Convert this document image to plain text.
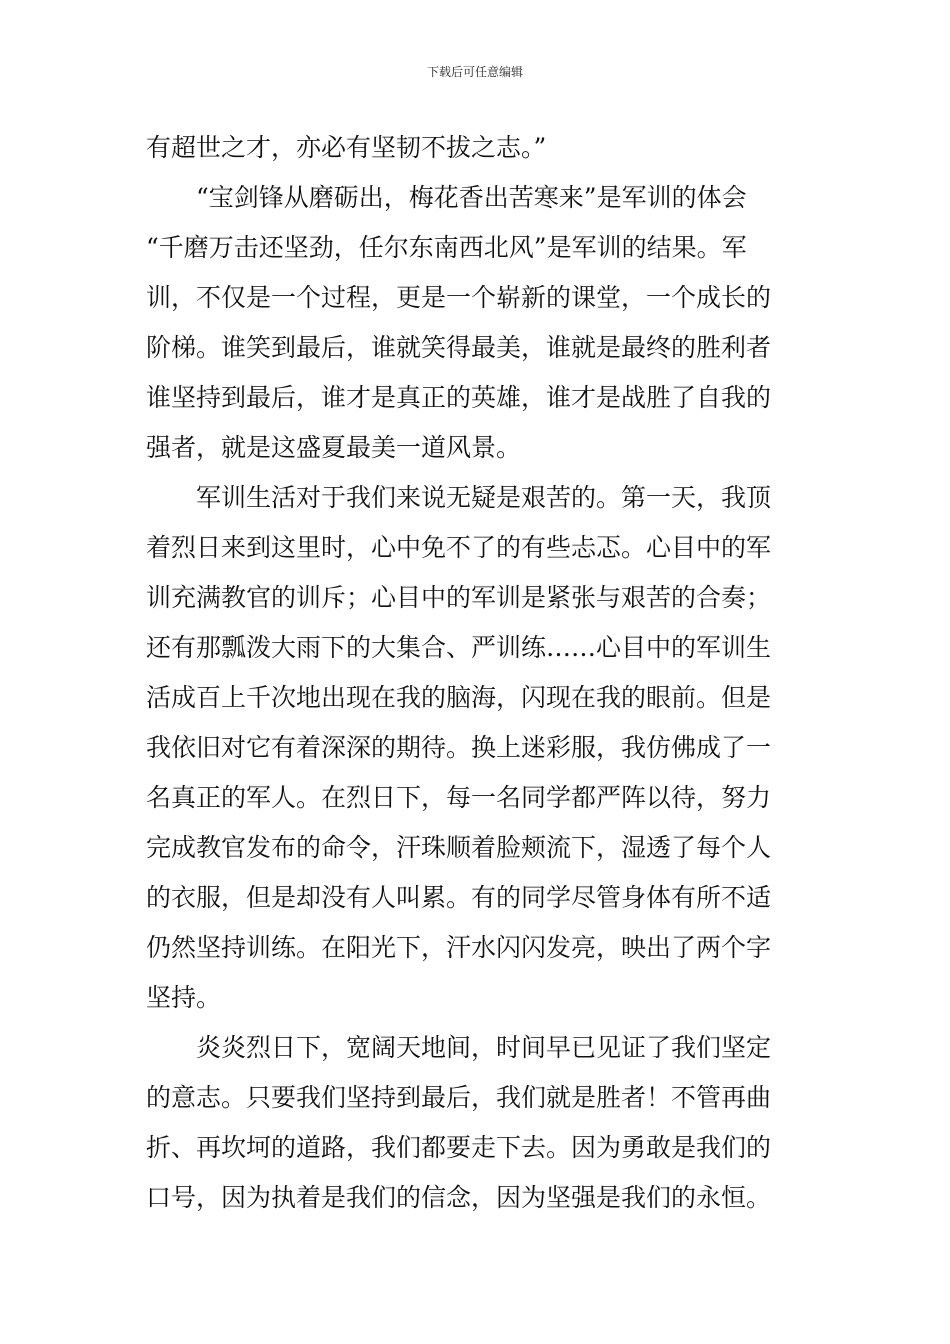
下载后可任意编辑
有超世之才，亦必有坚韧不拔之志。”
“宝剑锋从磨砺出，梅花香出苦寒来”是军训的体会
“千磨万击还坚劲，任尔东南西北风”是军训的结果。军
训，不仅是一个过程，更是一个崭新的课堂，一个成长的
阶梯。谁笑到最后，谁就笑得最美，谁就是最终的胜利者
谁坚持到最后，谁才是真正的英雄，谁才是战胜了自我的
强者，就是这盛夏最美一道风景。
军训生活对于我们来说无疑是艰苦的。第一天，我顶
着烈日来到这里时，心中免不了的有些忐忑。心目中的军
训充满教官的训斥；心目中的军训是紧张与艰苦的合奏；
还有那瓢泼大雨下的大集合、严训练……心目中的军训生
活成百上千次地出现在我的脑海，闪现在我的眼前。但是
我依旧对它有着深深的期待。换上迷彩服，我仿佛成了一
名真正的军人。在烈日下，每一名同学都严阵以待，努力
完成教官发布的命令，汗珠顺着脸颊流下，湿透了每个人
的衣服，但是却没有人叫累。有的同学尽管身体有所不适
仍然坚持训练。在阳光下，汗水闪闪发亮，映出了两个字
坚持。
炎炎烈日下，宽阔天地间，时间早已见证了我们坚定
的意志。只要我们坚持到最后，我们就是胜者！不管再曲
折、再坎坷的道路，我们都要走下去。因为勇敢是我们的
口号，因为执着是我们的信念，因为坚强是我们的永恒。
